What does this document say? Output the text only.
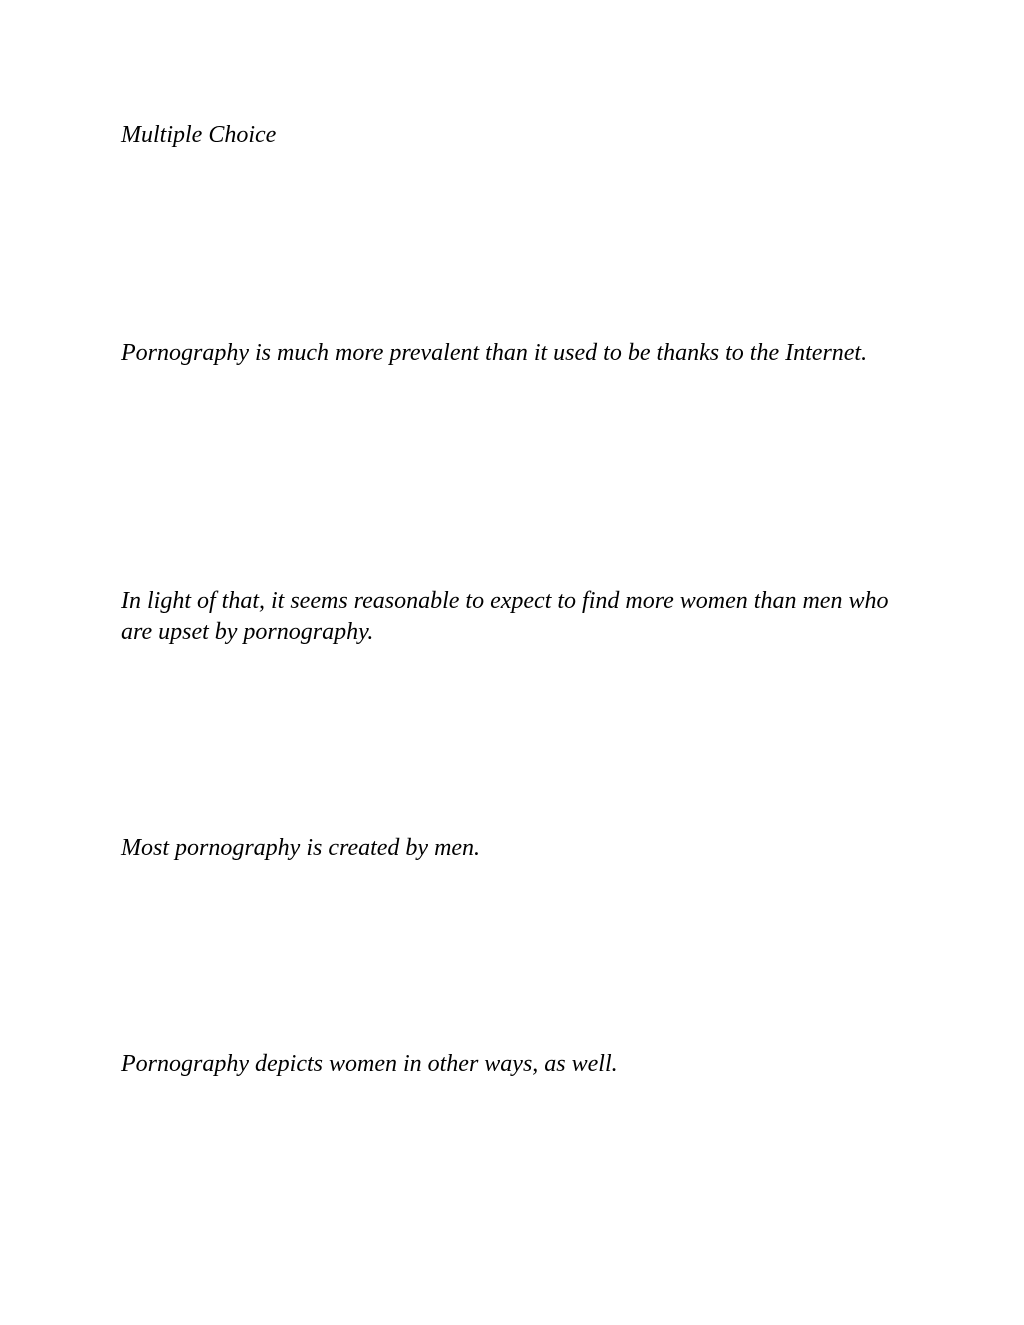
Multiple Choice

Pornography is much more prevalent than it used to be thanks to the Internet.

In light of that, it seems reasonable to expect to find more women than men who are upset by pornography.

Most pornography is created by men.

Pornography depicts women in other ways, as well.
